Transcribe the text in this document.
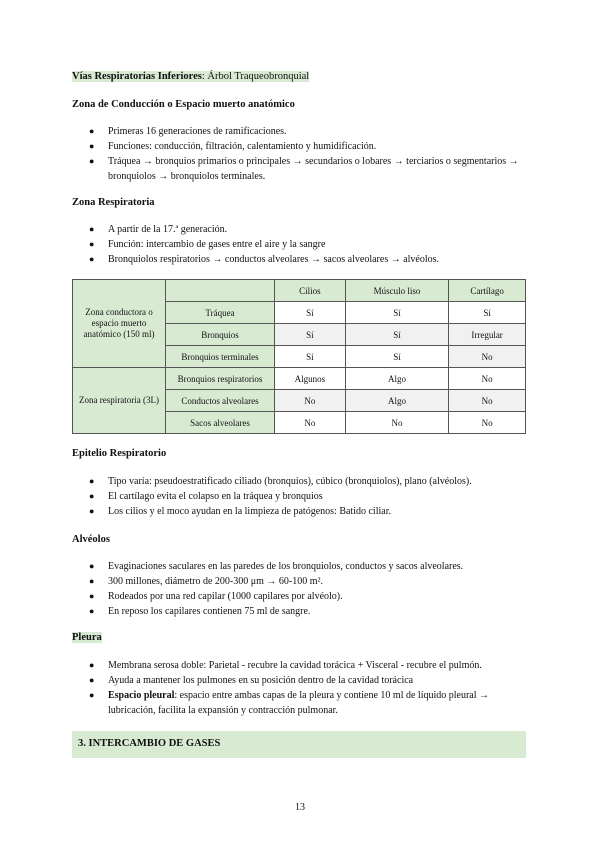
Vías Respiratorias Inferiores: Árbol Traqueobronquial
Zona de Conducción o Espacio muerto anatómico
● Primeras 16 generaciones de ramificaciones.
● Funciones: conducción, filtración, calentamiento y humidificación.
● Tráquea → bronquios primarios o principales → secundarios o lobares → terciarios o segmentarios → bronquiolos → bronquiolos terminales.
Zona Respiratoria
● A partir de la 17.ª generación.
● Función: intercambio de gases entre el aire y la sangre
● Bronquiolos respiratorios → conductos alveolares → sacos alveolares → alvéolos.
Zona conductora o espacio muerto anatómico (150 ml)		Cilios	Músculo liso	Cartílago
	Tráquea	Sí	Sí	Sí
	Bronquios	Sí	Sí	Irregular
	Bronquios terminales	Sí	Sí	No
Zona respiratoria (3L)	Bronquios respiratorios	Algunos	Algo	No
	Conductos alveolares	No	Algo	No
	Sacos alveolares	No	No	No
Epitelio Respiratorio
● Tipo varía: pseudoestratificado ciliado (bronquios), cúbico (bronquiolos), plano (alvéolos).
● El cartílago evita el colapso en la tráquea y bronquios
● Los cilios y el moco ayudan en la limpieza de patógenos: Batido ciliar.
Alvéolos
● Evaginaciones saculares en las paredes de los bronquiolos, conductos y sacos alveolares.
● 300 millones, diámetro de 200-300 μm → 60-100 m².
● Rodeados por una red capilar (1000 capilares por alvéolo).
● En reposo los capilares contienen 75 ml de sangre.
Pleura
● Membrana serosa doble: Parietal - recubre la cavidad torácica + Visceral - recubre el pulmón.
● Ayuda a mantener los pulmones en su posición dentro de la cavidad torácica
● Espacio pleural: espacio entre ambas capas de la pleura y contiene 10 ml de líquido pleural → lubricación, facilita la expansión y contracción pulmonar.
3. INTERCAMBIO DE GASES
13
